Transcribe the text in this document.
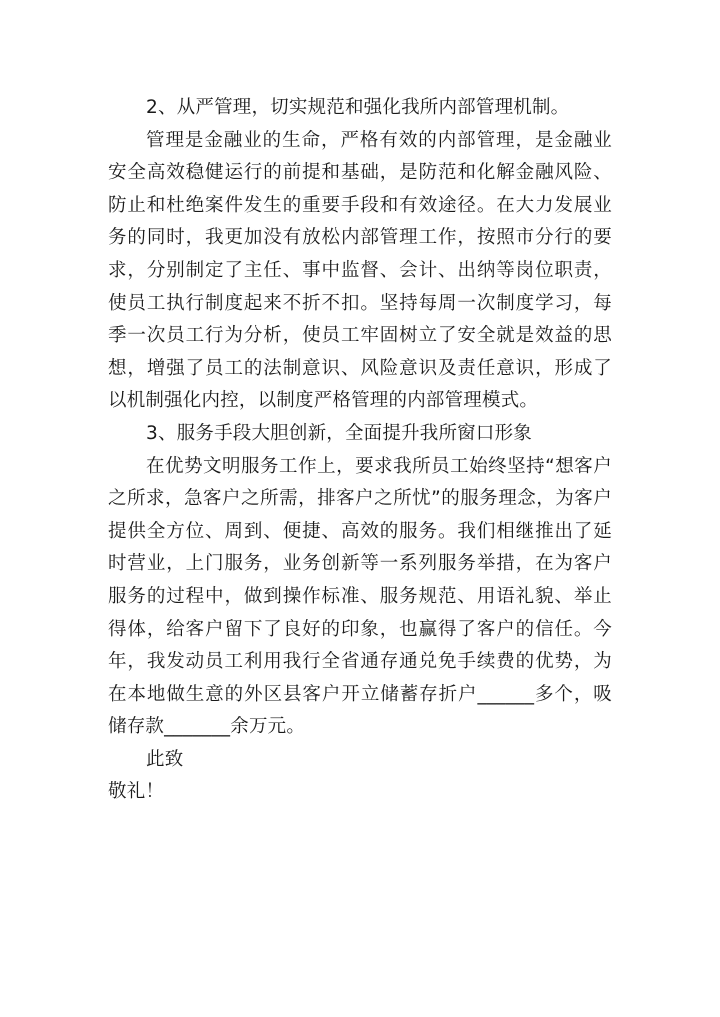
2、从严管理，切实规范和强化我所内部管理机制。

管理是金融业的生命，严格有效的内部管理，是金融业安全高效稳健运行的前提和基础，是防范和化解金融风险、防止和杜绝案件发生的重要手段和有效途径。在大力发展业务的同时，我更加没有放松内部管理工作，按照市分行的要求，分别制定了主任、事中监督、会计、出纳等岗位职责，使员工执行制度起来不折不扣。坚持每周一次制度学习，每季一次员工行为分析，使员工牢固树立了安全就是效益的思想，增强了员工的法制意识、风险意识及责任意识，形成了以机制强化内控，以制度严格管理的内部管理模式。

3、服务手段大胆创新，全面提升我所窗口形象

在优势文明服务工作上，要求我所员工始终坚持“想客户之所求，急客户之所需，排客户之所忧”的服务理念，为客户提供全方位、周到、便捷、高效的服务。我们相继推出了延时营业，上门服务，业务创新等一系列服务举措，在为客户服务的过程中，做到操作标准、服务规范、用语礼貌、举止得体，给客户留下了良好的印象，也赢得了客户的信任。今年，我发动员工利用我行全省通存通兑免手续费的优势，为在本地做生意的外区县客户开立储蓄存折户______多个，吸储存款_______余万元。

此致

敬礼！
